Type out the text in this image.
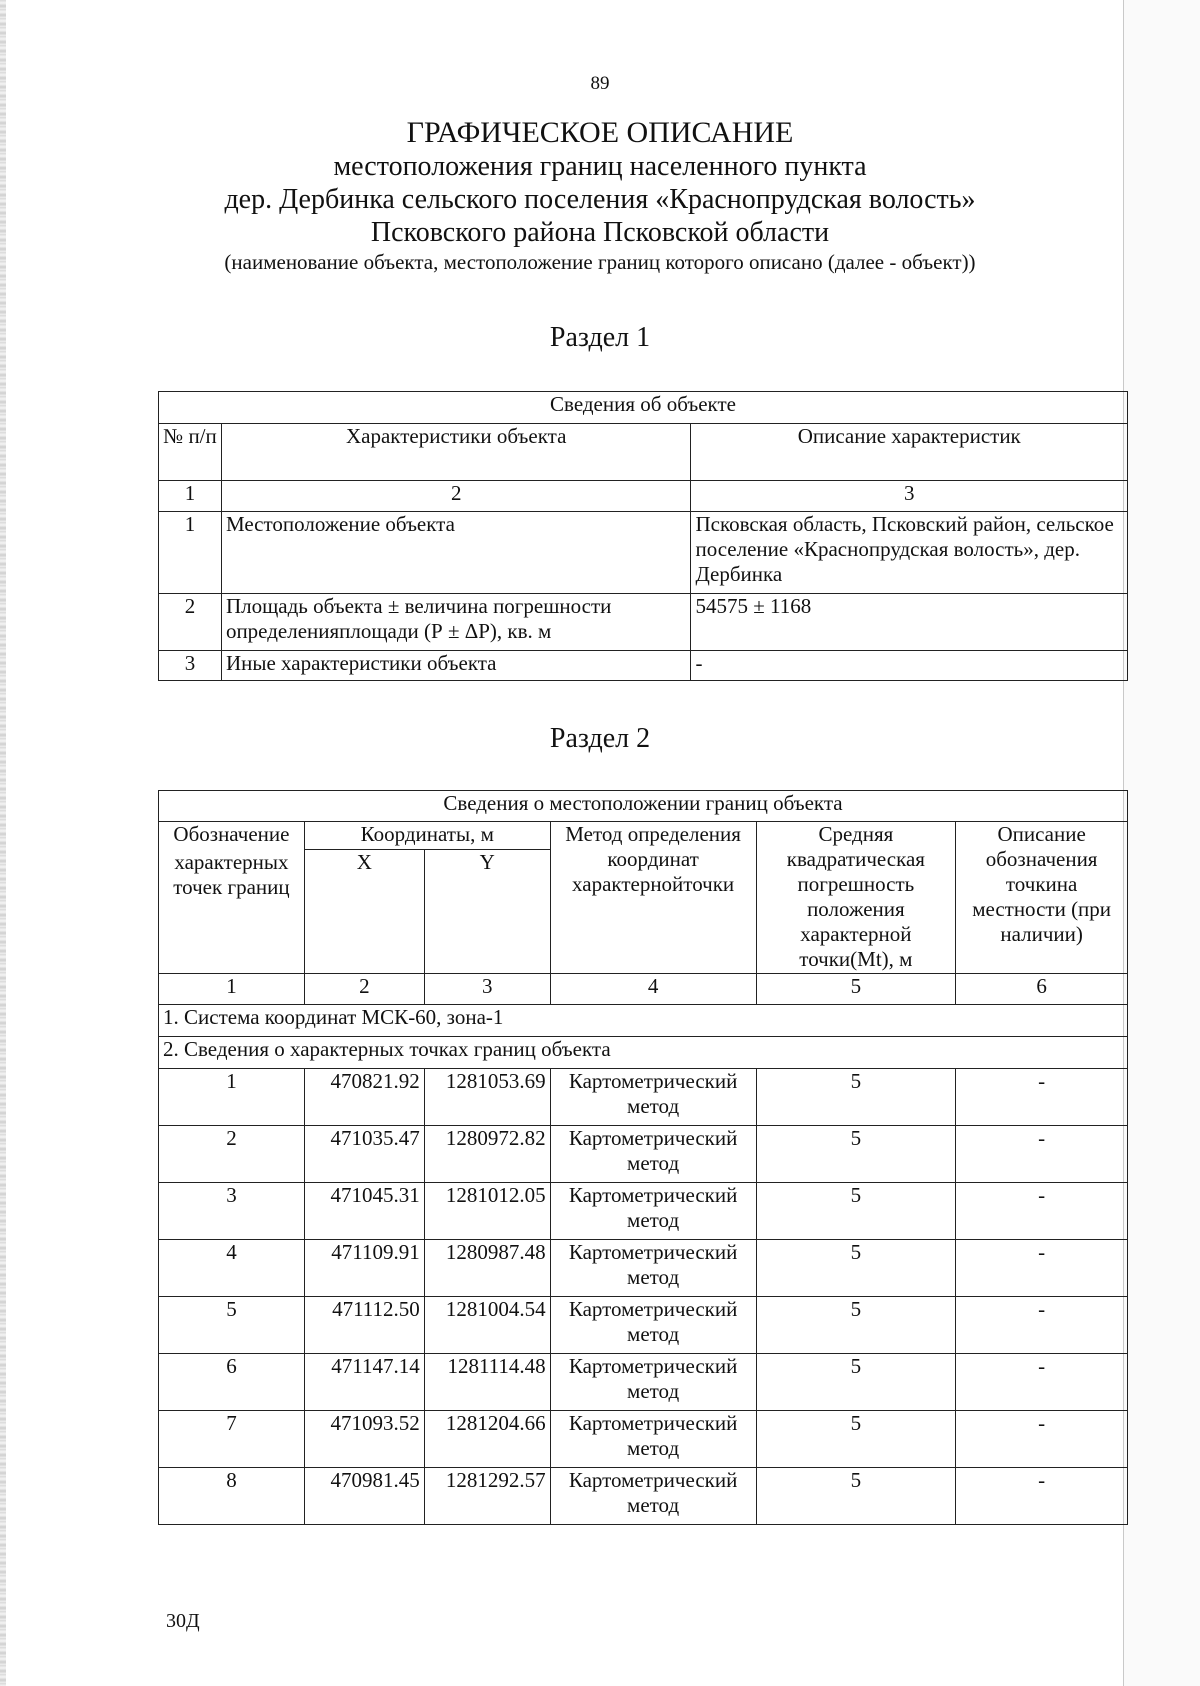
89
ГРАФИЧЕСКОЕ ОПИСАНИЕ
местоположения границ населенного пункта
дер. Дербинка сельского поселения «Краснопрудская волость»
Псковского района Псковской области
(наименование объекта, местоположение границ которого описано (далее - объект))
Раздел 1
Сведения об объекте		
№ п/п	Характеристики объекта	Описание характеристик
1	2	3
1	Местоположение объекта	Псковская область, Псковский район, сельское поселение «Краснопрудская волость», дер. Дербинка
2	Площадь объекта ± величина погрешности определенияплощади (Р ± ΔР), кв. м	54575 ± 1168
3	Иные характеристики объекта	-
Раздел 2
Сведения о местоположении границ объекта					
Обозначение	Координаты, м		Метод определения координат характернойточки	Средняя квадратическая погрешность положения характерной точки(Mt), м	Описание обозначения точкина местности (при наличии)
характерных точек границ	X	Y			
1	2	3	4	5	6
1. Система координат МСК-60, зона-1					
2. Сведения о характерных точках границ объекта					
1	470821.92	1281053.69	Картометрический метод	5	-
2	471035.47	1280972.82	Картометрический метод	5	-
3	471045.31	1281012.05	Картометрический метод	5	-
4	471109.91	1280987.48	Картометрический метод	5	-
5	471112.50	1281004.54	Картометрический метод	5	-
6	471147.14	1281114.48	Картометрический метод	5	-
7	471093.52	1281204.66	Картометрический метод	5	-
8	470981.45	1281292.57	Картометрический метод	5	-
30Д
